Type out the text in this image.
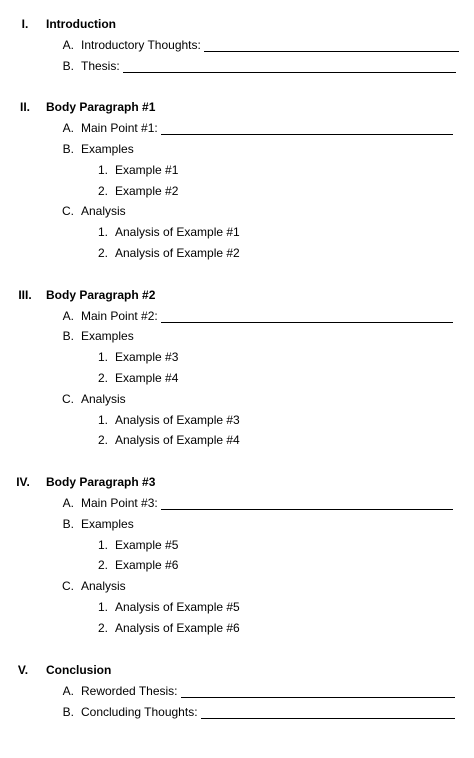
I.	Introduction
A. Introductory Thoughts:
B. Thesis:
II.	Body Paragraph #1
A. Main Point #1:
B. Examples
1. Example #1
2. Example #2
C. Analysis
1. Analysis of Example #1
2. Analysis of Example #2
III.	Body Paragraph #2
A. Main Point #2:
B. Examples
1. Example #3
2. Example #4
C. Analysis
1. Analysis of Example #3
2. Analysis of Example #4
IV.	Body Paragraph #3
A. Main Point #3:
B. Examples
1. Example #5
2. Example #6
C. Analysis
1. Analysis of Example #5
2. Analysis of Example #6
V.	Conclusion
A. Reworded Thesis:
B. Concluding Thoughts:
